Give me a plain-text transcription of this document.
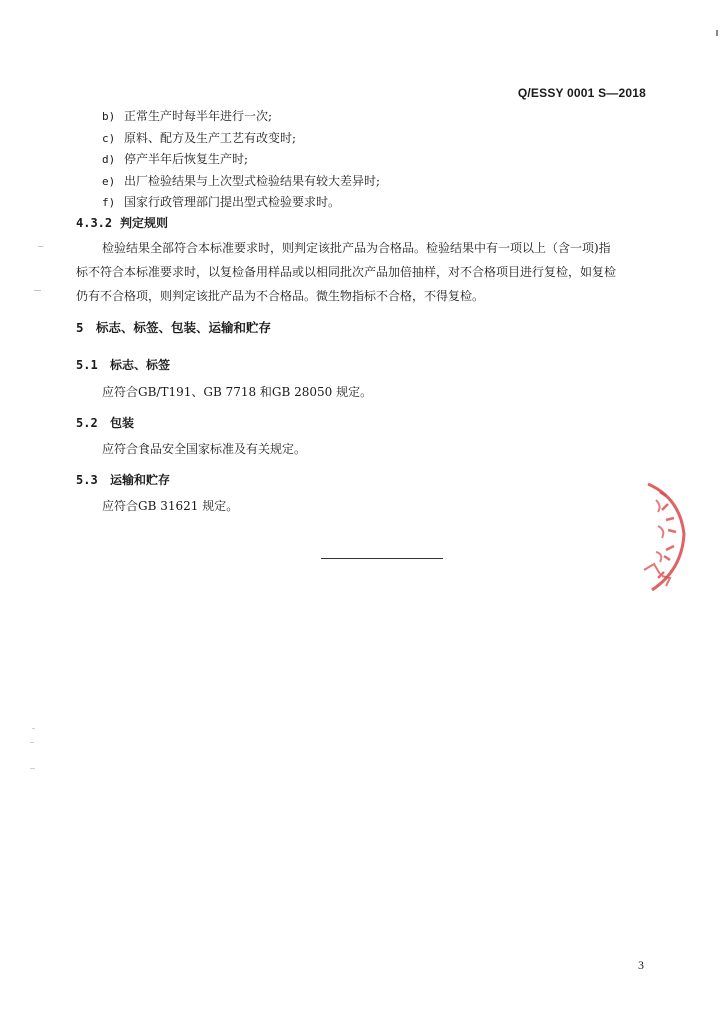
Q/ESSY 0001 S—2018
b) 正常生产时每半年进行一次;
c) 原料、配方及生产工艺有改变时;
d) 停产半年后恢复生产时;
e) 出厂检验结果与上次型式检验结果有较大差异时;
f) 国家行政管理部门提出型式检验要求时。
4.3.2 判定规则
检验结果全部符合本标准要求时，则判定该批产品为合格品。检验结果中有一项以上（含一项)指
标不符合本标准要求时，以复检备用样品或以相同批次产品加倍抽样，对不合格项目进行复检，如复检
仍有不合格项，则判定该批产品为不合格品。微生物指标不合格，不得复检。
5 标志、标签、包装、运输和贮存
5.1 标志、标签
应符合GB/T191、GB 7718 和GB 28050 规定。
5.2 包装
应符合食品安全国家标准及有关规定。
5.3 运输和贮存
应符合GB 31621 规定。
3
